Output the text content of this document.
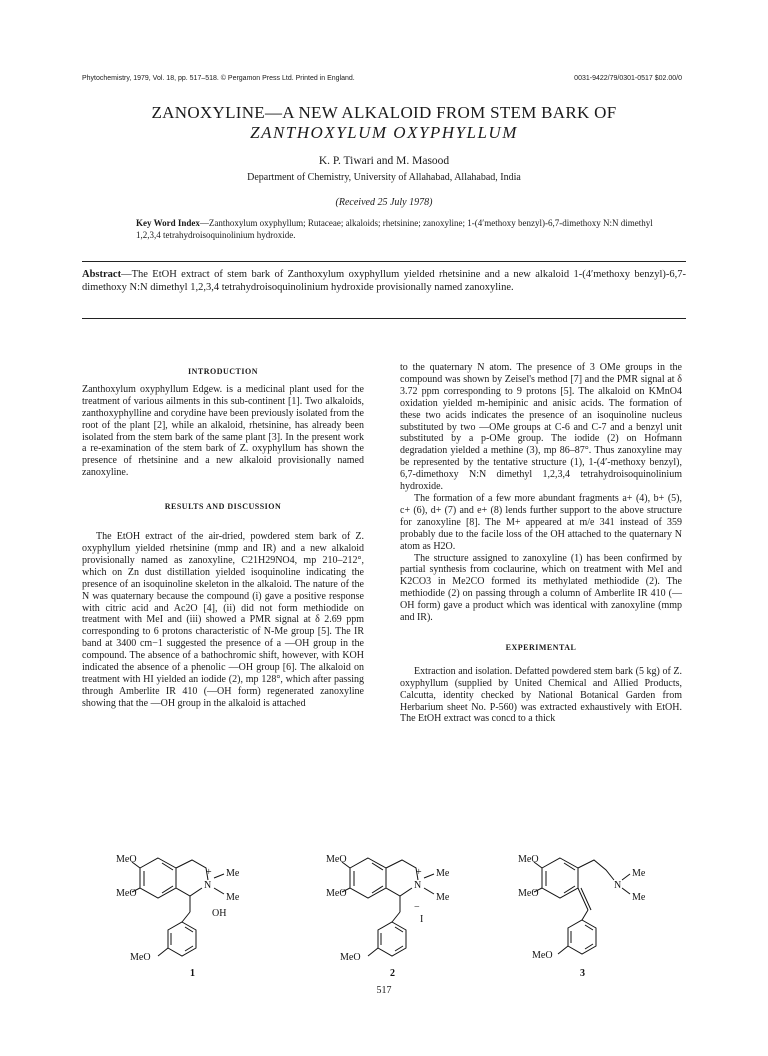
Phytochemistry, 1979, Vol. 18, pp. 517–518. © Pergamon Press Ltd. Printed in England.	0031-9422/79/0301-0517 $02.00/0
ZANOXYLINE—A NEW ALKALOID FROM STEM BARK OF
ZANTHOXYLUM OXYPHYLLUM
K. P. Tiwari and M. Masood
Department of Chemistry, University of Allahabad, Allahabad, India
(Received 25 July 1978)
Key Word Index—Zanthoxylum oxyphyllum; Rutaceae; alkaloids; rhetsinine; zanoxyline; 1-(4′methoxy benzyl)-6,7-dimethoxy N:N dimethyl 1,2,3,4 tetrahydroisoquinolinium hydroxide.
Abstract—The EtOH extract of stem bark of Zanthoxylum oxyphyllum yielded rhetsinine and a new alkaloid 1-(4′methoxy benzyl)-6,7-dimethoxy N:N dimethyl 1,2,3,4 tetrahydroisoquinolinium hydroxide provisionally named zanoxyline.

INTRODUCTION

Zanthoxylum oxyphyllum Edgew. is a medicinal plant used for the treatment of various ailments in this sub-continent [1]. Two alkaloids, zanthoxyphylline and corydine have been previously isolated from the root of the plant [2], while an alkaloid, rhetsinine, has already been isolated from the stem bark of the same plant [3]. In the present work a re-examination of the stem bark of Z. oxyphyllum has shown the presence of rhetsinine and a new alkaloid provisionally named zanoxyline.

RESULTS AND DISCUSSION

The EtOH extract of the air-dried, powdered stem bark of Z. oxyphyllum yielded rhetsinine (mmp and IR) and a new alkaloid provisionally named as zanoxyline, C21H29NO4, mp 210–212°, which on Zn dust distillation yielded isoquinoline indicating the presence of an isoquinoline skeleton in the alkaloid. The nature of the N was quaternary because the compound (i) gave a positive response with citric acid and Ac2O [4], (ii) did not form methiodide on treatment with MeI and (iii) showed a PMR signal at δ 2.69 ppm corresponding to 6 protons characteristic of N-Me group [5]. The IR band at 3400 cm−1 suggested the presence of a —OH group in the compound. The absence of a bathochromic shift, however, with KOH indicated the absence of a phenolic —OH group [6]. The alkaloid on treatment with HI yielded an iodide (2), mp 128°, which after passing through Amberlite IR 410 (—OH form) regenerated zanoxyline showing that the —OH group in the alkaloid is attached

to the quaternary N atom. The presence of 3 OMe groups in the compound was shown by Zeisel's method [7] and the PMR signal at δ 3.72 ppm corresponding to 9 protons [5]. The alkaloid on KMnO4 oxidation yielded m-hemipinic and anisic acids. The formation of these two acids indicates the presence of an isoquinoline nucleus substituted by two —OMe groups at C-6 and C-7 and a benzyl unit substituted by a p-OMe group. The iodide (2) on Hofmann degradation yielded a methine (3), mp 86–87°. Thus zanoxyline may be represented by the tentative structure (1), 1-(4′-methoxy benzyl), 6,7-dimethoxy N:N dimethyl 1,2,3,4 tetrahydroisoquinolinium hydroxide.

The formation of a few more abundant fragments a+ (4), b+ (5), c+ (6), d+ (7) and e+ (8) lends further support to the above structure for zanoxyline [8]. The M+ appeared at m/e 341 instead of 359 probably due to the facile loss of the OH attached to the quaternary N atom as H2O.

The structure assigned to zanoxyline (1) has been confirmed by partial synthesis from coclaurine, which on treatment with MeI and K2CO3 in Me2CO formed its methylated methiodide (2). The methiodide (2) on passing through a column of Amberlite IR 410 (—OH form) gave a product which was identical with zanoxyline (mmp and IR).

EXPERIMENTAL

Extraction and isolation. Defatted powdered stem bark (5 kg) of Z. oxyphyllum (supplied by United Chemical and Allied Products, Calcutta, identity checked by National Botanical Garden from Herbarium sheet No. P-560) was extracted exhaustively with EtOH. The EtOH extract was concd to a thick

MeO
MeO
MeO
N
+ Me
Me
OH
1
MeO
MeO
MeO
N
+ Me
Me
−
I
2
MeO
MeO
MeO
N
Me
Me
3
517
